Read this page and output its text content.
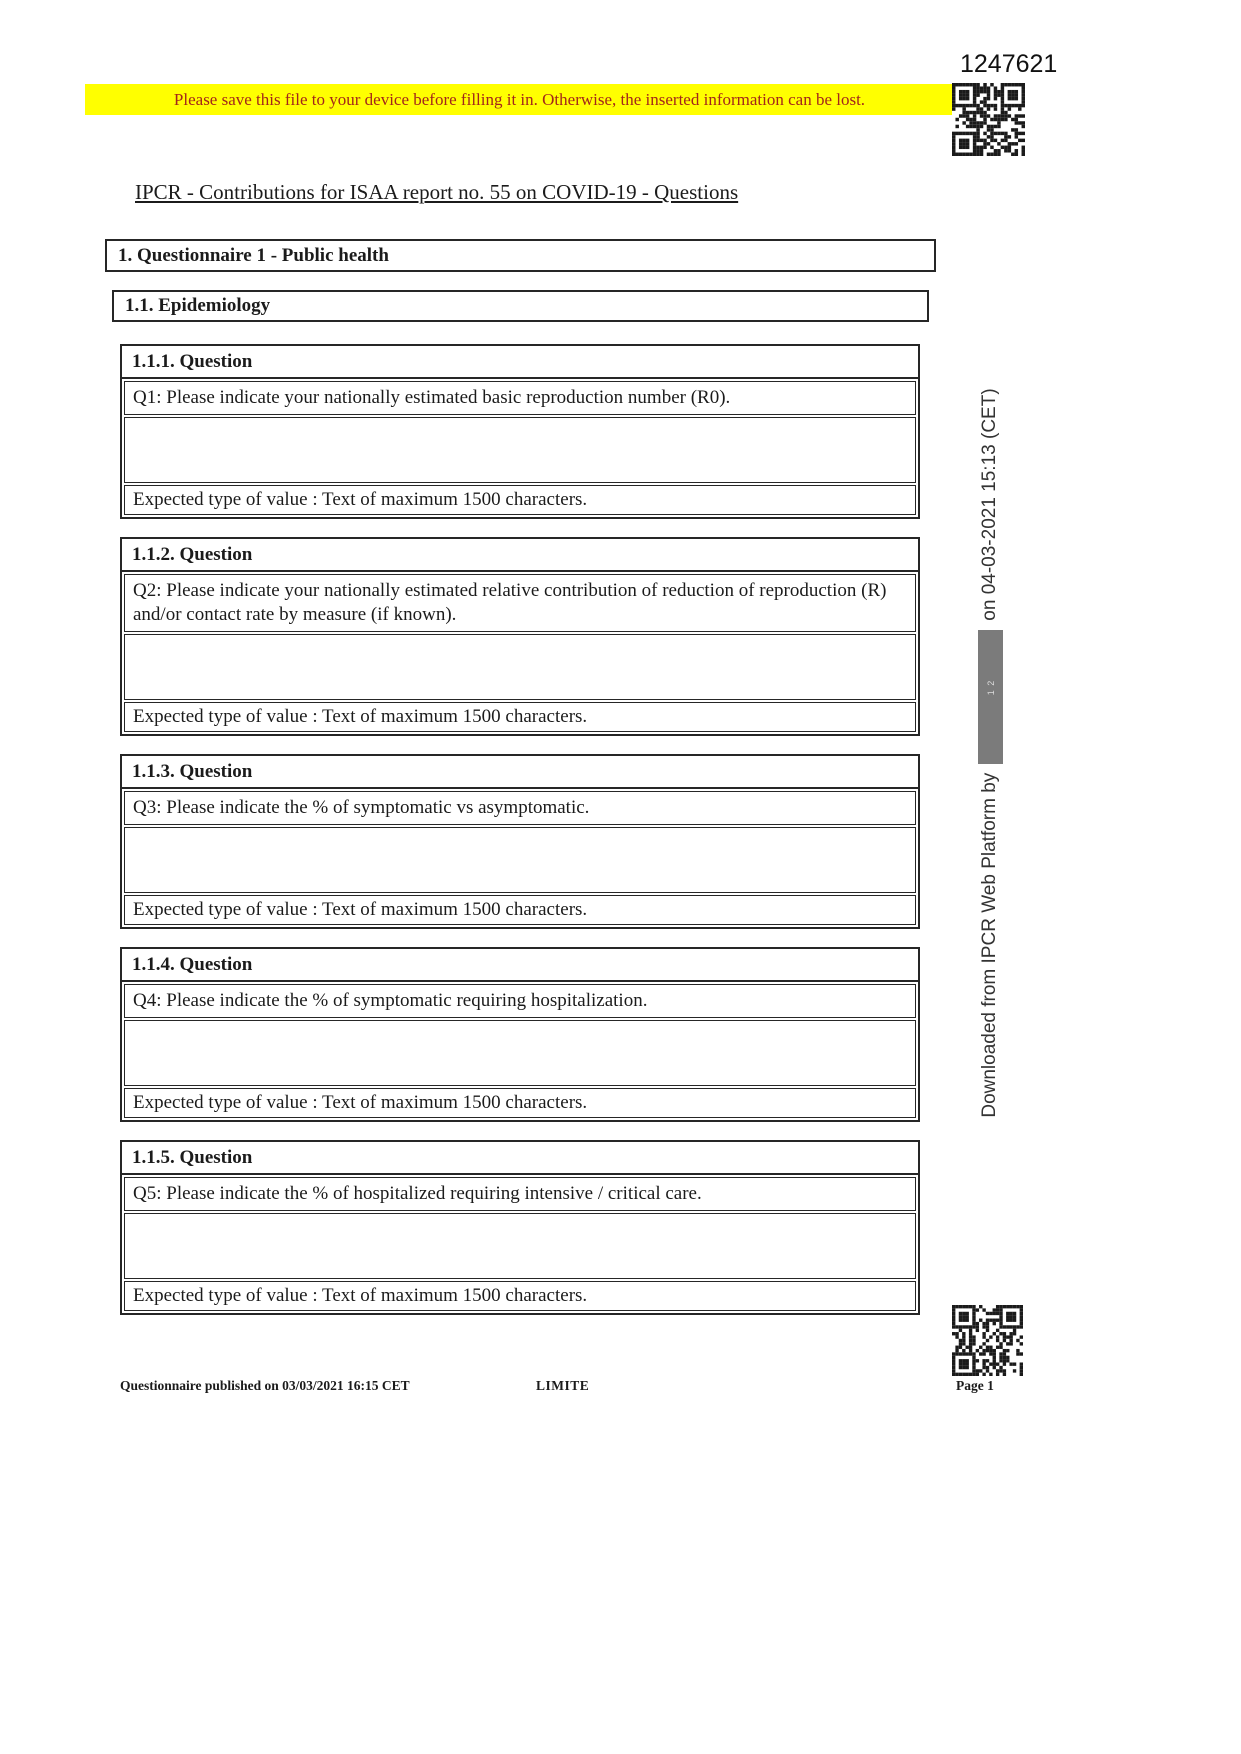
1247621
Please save this file to your device before filling it in. Otherwise, the inserted information can be lost.
IPCR - Contributions for ISAA report no. 55 on COVID-19 - Questions
1. Questionnaire 1 - Public health
1.1. Epidemiology
1.1.1. Question
Q1: Please indicate your nationally estimated basic reproduction number (R0).
Expected type of value : Text of maximum 1500 characters.
1.1.2. Question
Q2: Please indicate your nationally estimated relative contribution of reduction of reproduction (R) and/or contact rate by measure (if known).
Expected type of value : Text of maximum 1500 characters.
1.1.3. Question
Q3: Please indicate the % of symptomatic vs asymptomatic.
Expected type of value : Text of maximum 1500 characters.
1.1.4. Question
Q4: Please indicate the % of symptomatic requiring hospitalization.
Expected type of value : Text of maximum 1500 characters.
1.1.5. Question
Q5: Please indicate the % of hospitalized requiring intensive / critical care.
Expected type of value : Text of maximum 1500 characters.
Downloaded from IPCR Web Platform by
1 2
on 04-03-2021 15:13 (CET)
Questionnaire published on 03/03/2021 16:15 CET	LIMITE	Page 1
